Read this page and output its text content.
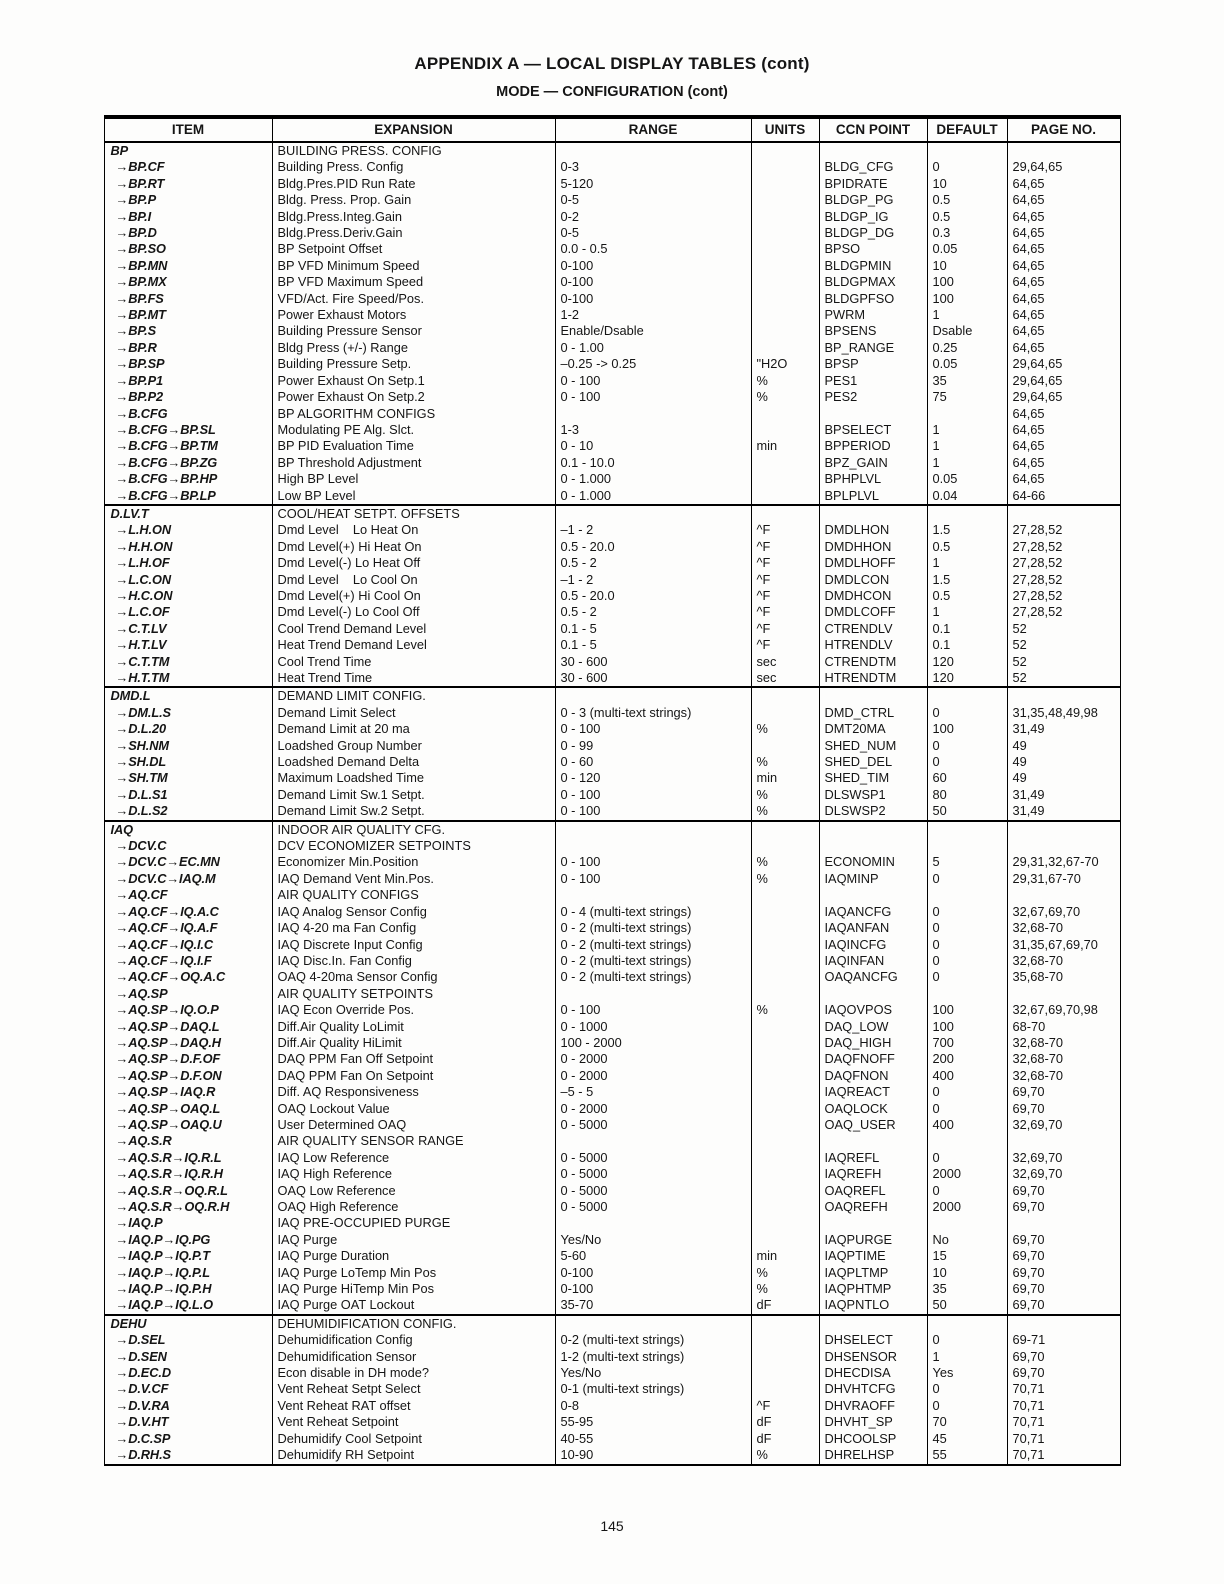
APPENDIX A — LOCAL DISPLAY TABLES (cont)
MODE — CONFIGURATION (cont)
ITEM	EXPANSION	RANGE	UNITS	CCN POINT	DEFAULT	PAGE NO.
BP	BUILDING PRESS. CONFIG					
→BP.CF	Building Press. Config	0-3		BLDG_CFG	0	29,64,65
→BP.RT	Bldg.Pres.PID Run Rate	5-120		BPIDRATE	10	64,65
→BP.P	Bldg. Press. Prop. Gain	0-5		BLDGP_PG	0.5	64,65
→BP.I	Bldg.Press.Integ.Gain	0-2		BLDGP_IG	0.5	64,65
→BP.D	Bldg.Press.Deriv.Gain	0-5		BLDGP_DG	0.3	64,65
→BP.SO	BP Setpoint Offset	0.0 - 0.5		BPSO	0.05	64,65
→BP.MN	BP VFD Minimum Speed	0-100		BLDGPMIN	10	64,65
→BP.MX	BP VFD Maximum Speed	0-100		BLDGPMAX	100	64,65
→BP.FS	VFD/Act. Fire Speed/Pos.	0-100		BLDGPFSO	100	64,65
→BP.MT	Power Exhaust Motors	1-2		PWRM	1	64,65
→BP.S	Building Pressure Sensor	Enable/Dsable		BPSENS	Dsable	64,65
→BP.R	Bldg Press (+/-) Range	0 - 1.00		BP_RANGE	0.25	64,65
→BP.SP	Building Pressure Setp.	–0.25 -> 0.25	"H2O	BPSP	0.05	29,64,65
→BP.P1	Power Exhaust On Setp.1	0 - 100	%	PES1	35	29,64,65
→BP.P2	Power Exhaust On Setp.2	0 - 100	%	PES2	75	29,64,65
→B.CFG	BP ALGORITHM CONFIGS					64,65
→B.CFG→BP.SL	Modulating PE Alg. Slct.	1-3		BPSELECT	1	64,65
→B.CFG→BP.TM	BP PID Evaluation Time	0 - 10	min	BPPERIOD	1	64,65
→B.CFG→BP.ZG	BP Threshold Adjustment	0.1 - 10.0		BPZ_GAIN	1	64,65
→B.CFG→BP.HP	High BP Level	0 - 1.000		BPHPLVL	0.05	64,65
→B.CFG→BP.LP	Low BP Level	0 - 1.000		BPLPLVL	0.04	64-66
D.LV.T	COOL/HEAT SETPT. OFFSETS					
→L.H.ON	Dmd Level    Lo Heat On	–1 - 2	^F	DMDLHON	1.5	27,28,52
→H.H.ON	Dmd Level(+) Hi Heat On	0.5 - 20.0	^F	DMDHHON	0.5	27,28,52
→L.H.OF	Dmd Level(-) Lo Heat Off	0.5 - 2	^F	DMDLHOFF	1	27,28,52
→L.C.ON	Dmd Level    Lo Cool On	–1 - 2	^F	DMDLCON	1.5	27,28,52
→H.C.ON	Dmd Level(+) Hi Cool On	0.5 - 20.0	^F	DMDHCON	0.5	27,28,52
→L.C.OF	Dmd Level(-) Lo Cool Off	0.5 - 2	^F	DMDLCOFF	1	27,28,52
→C.T.LV	Cool Trend Demand Level	0.1 - 5	^F	CTRENDLV	0.1	52
→H.T.LV	Heat Trend Demand Level	0.1 - 5	^F	HTRENDLV	0.1	52
→C.T.TM	Cool Trend Time	30 - 600	sec	CTRENDTM	120	52
→H.T.TM	Heat Trend Time	30 - 600	sec	HTRENDTM	120	52
DMD.L	DEMAND LIMIT CONFIG.					
→DM.L.S	Demand Limit Select	0 - 3 (multi-text strings)		DMD_CTRL	0	31,35,48,49,98
→D.L.20	Demand Limit at 20 ma	0 - 100	%	DMT20MA	100	31,49
→SH.NM	Loadshed Group Number	0 - 99		SHED_NUM	0	49
→SH.DL	Loadshed Demand Delta	0 - 60	%	SHED_DEL	0	49
→SH.TM	Maximum Loadshed Time	0 - 120	min	SHED_TIM	60	49
→D.L.S1	Demand Limit Sw.1 Setpt.	0 - 100	%	DLSWSP1	80	31,49
→D.L.S2	Demand Limit Sw.2 Setpt.	0 - 100	%	DLSWSP2	50	31,49
IAQ	INDOOR AIR QUALITY CFG.					
→DCV.C	DCV ECONOMIZER SETPOINTS					
→DCV.C→EC.MN	Economizer Min.Position	0 - 100	%	ECONOMIN	5	29,31,32,67-70
→DCV.C→IAQ.M	IAQ Demand Vent Min.Pos.	0 - 100	%	IAQMINP	0	29,31,67-70
→AQ.CF	AIR QUALITY CONFIGS					
→AQ.CF→IQ.A.C	IAQ Analog Sensor Config	0 - 4 (multi-text strings)		IAQANCFG	0	32,67,69,70
→AQ.CF→IQ.A.F	IAQ 4-20 ma Fan Config	0 - 2 (multi-text strings)		IAQANFAN	0	32,68-70
→AQ.CF→IQ.I.C	IAQ Discrete Input Config	0 - 2 (multi-text strings)		IAQINCFG	0	31,35,67,69,70
→AQ.CF→IQ.I.F	IAQ Disc.In. Fan Config	0 - 2 (multi-text strings)		IAQINFAN	0	32,68-70
→AQ.CF→OQ.A.C	OAQ 4-20ma Sensor Config	0 - 2 (multi-text strings)		OAQANCFG	0	35,68-70
→AQ.SP	AIR QUALITY SETPOINTS					
→AQ.SP→IQ.O.P	IAQ Econ Override Pos.	0 - 100	%	IAQOVPOS	100	32,67,69,70,98
→AQ.SP→DAQ.L	Diff.Air Quality LoLimit	0 - 1000		DAQ_LOW	100	68-70
→AQ.SP→DAQ.H	Diff.Air Quality HiLimit	100 - 2000		DAQ_HIGH	700	32,68-70
→AQ.SP→D.F.OF	DAQ PPM Fan Off Setpoint	0 - 2000		DAQFNOFF	200	32,68-70
→AQ.SP→D.F.ON	DAQ PPM Fan On Setpoint	0 - 2000		DAQFNON	400	32,68-70
→AQ.SP→IAQ.R	Diff. AQ Responsiveness	–5 - 5		IAQREACT	0	69,70
→AQ.SP→OAQ.L	OAQ Lockout Value	0 - 2000		OAQLOCK	0	69,70
→AQ.SP→OAQ.U	User Determined OAQ	0 - 5000		OAQ_USER	400	32,69,70
→AQ.S.R	AIR QUALITY SENSOR RANGE					
→AQ.S.R→IQ.R.L	IAQ Low Reference	0 - 5000		IAQREFL	0	32,69,70
→AQ.S.R→IQ.R.H	IAQ High Reference	0 - 5000		IAQREFH	2000	32,69,70
→AQ.S.R→OQ.R.L	OAQ Low Reference	0 - 5000		OAQREFL	0	69,70
→AQ.S.R→OQ.R.H	OAQ High Reference	0 - 5000		OAQREFH	2000	69,70
→IAQ.P	IAQ PRE-OCCUPIED PURGE					
→IAQ.P→IQ.PG	IAQ Purge	Yes/No		IAQPURGE	No	69,70
→IAQ.P→IQ.P.T	IAQ Purge Duration	5-60	min	IAQPTIME	15	69,70
→IAQ.P→IQ.P.L	IAQ Purge LoTemp Min Pos	0-100	%	IAQPLTMP	10	69,70
→IAQ.P→IQ.P.H	IAQ Purge HiTemp Min Pos	0-100	%	IAQPHTMP	35	69,70
→IAQ.P→IQ.L.O	IAQ Purge OAT Lockout	35-70	dF	IAQPNTLO	50	69,70
DEHU	DEHUMIDIFICATION CONFIG.					
→D.SEL	Dehumidification Config	0-2 (multi-text strings)		DHSELECT	0	69-71
→D.SEN	Dehumidification Sensor	1-2 (multi-text strings)		DHSENSOR	1	69,70
→D.EC.D	Econ disable in DH mode?	Yes/No		DHECDISA	Yes	69,70
→D.V.CF	Vent Reheat Setpt Select	0-1 (multi-text strings)		DHVHTCFG	0	70,71
→D.V.RA	Vent Reheat RAT offset	0-8	^F	DHVRAOFF	0	70,71
→D.V.HT	Vent Reheat Setpoint	55-95	dF	DHVHT_SP	70	70,71
→D.C.SP	Dehumidify Cool Setpoint	40-55	dF	DHCOOLSP	45	70,71
→D.RH.S	Dehumidify RH Setpoint	10-90	%	DHRELHSP	55	70,71
145
